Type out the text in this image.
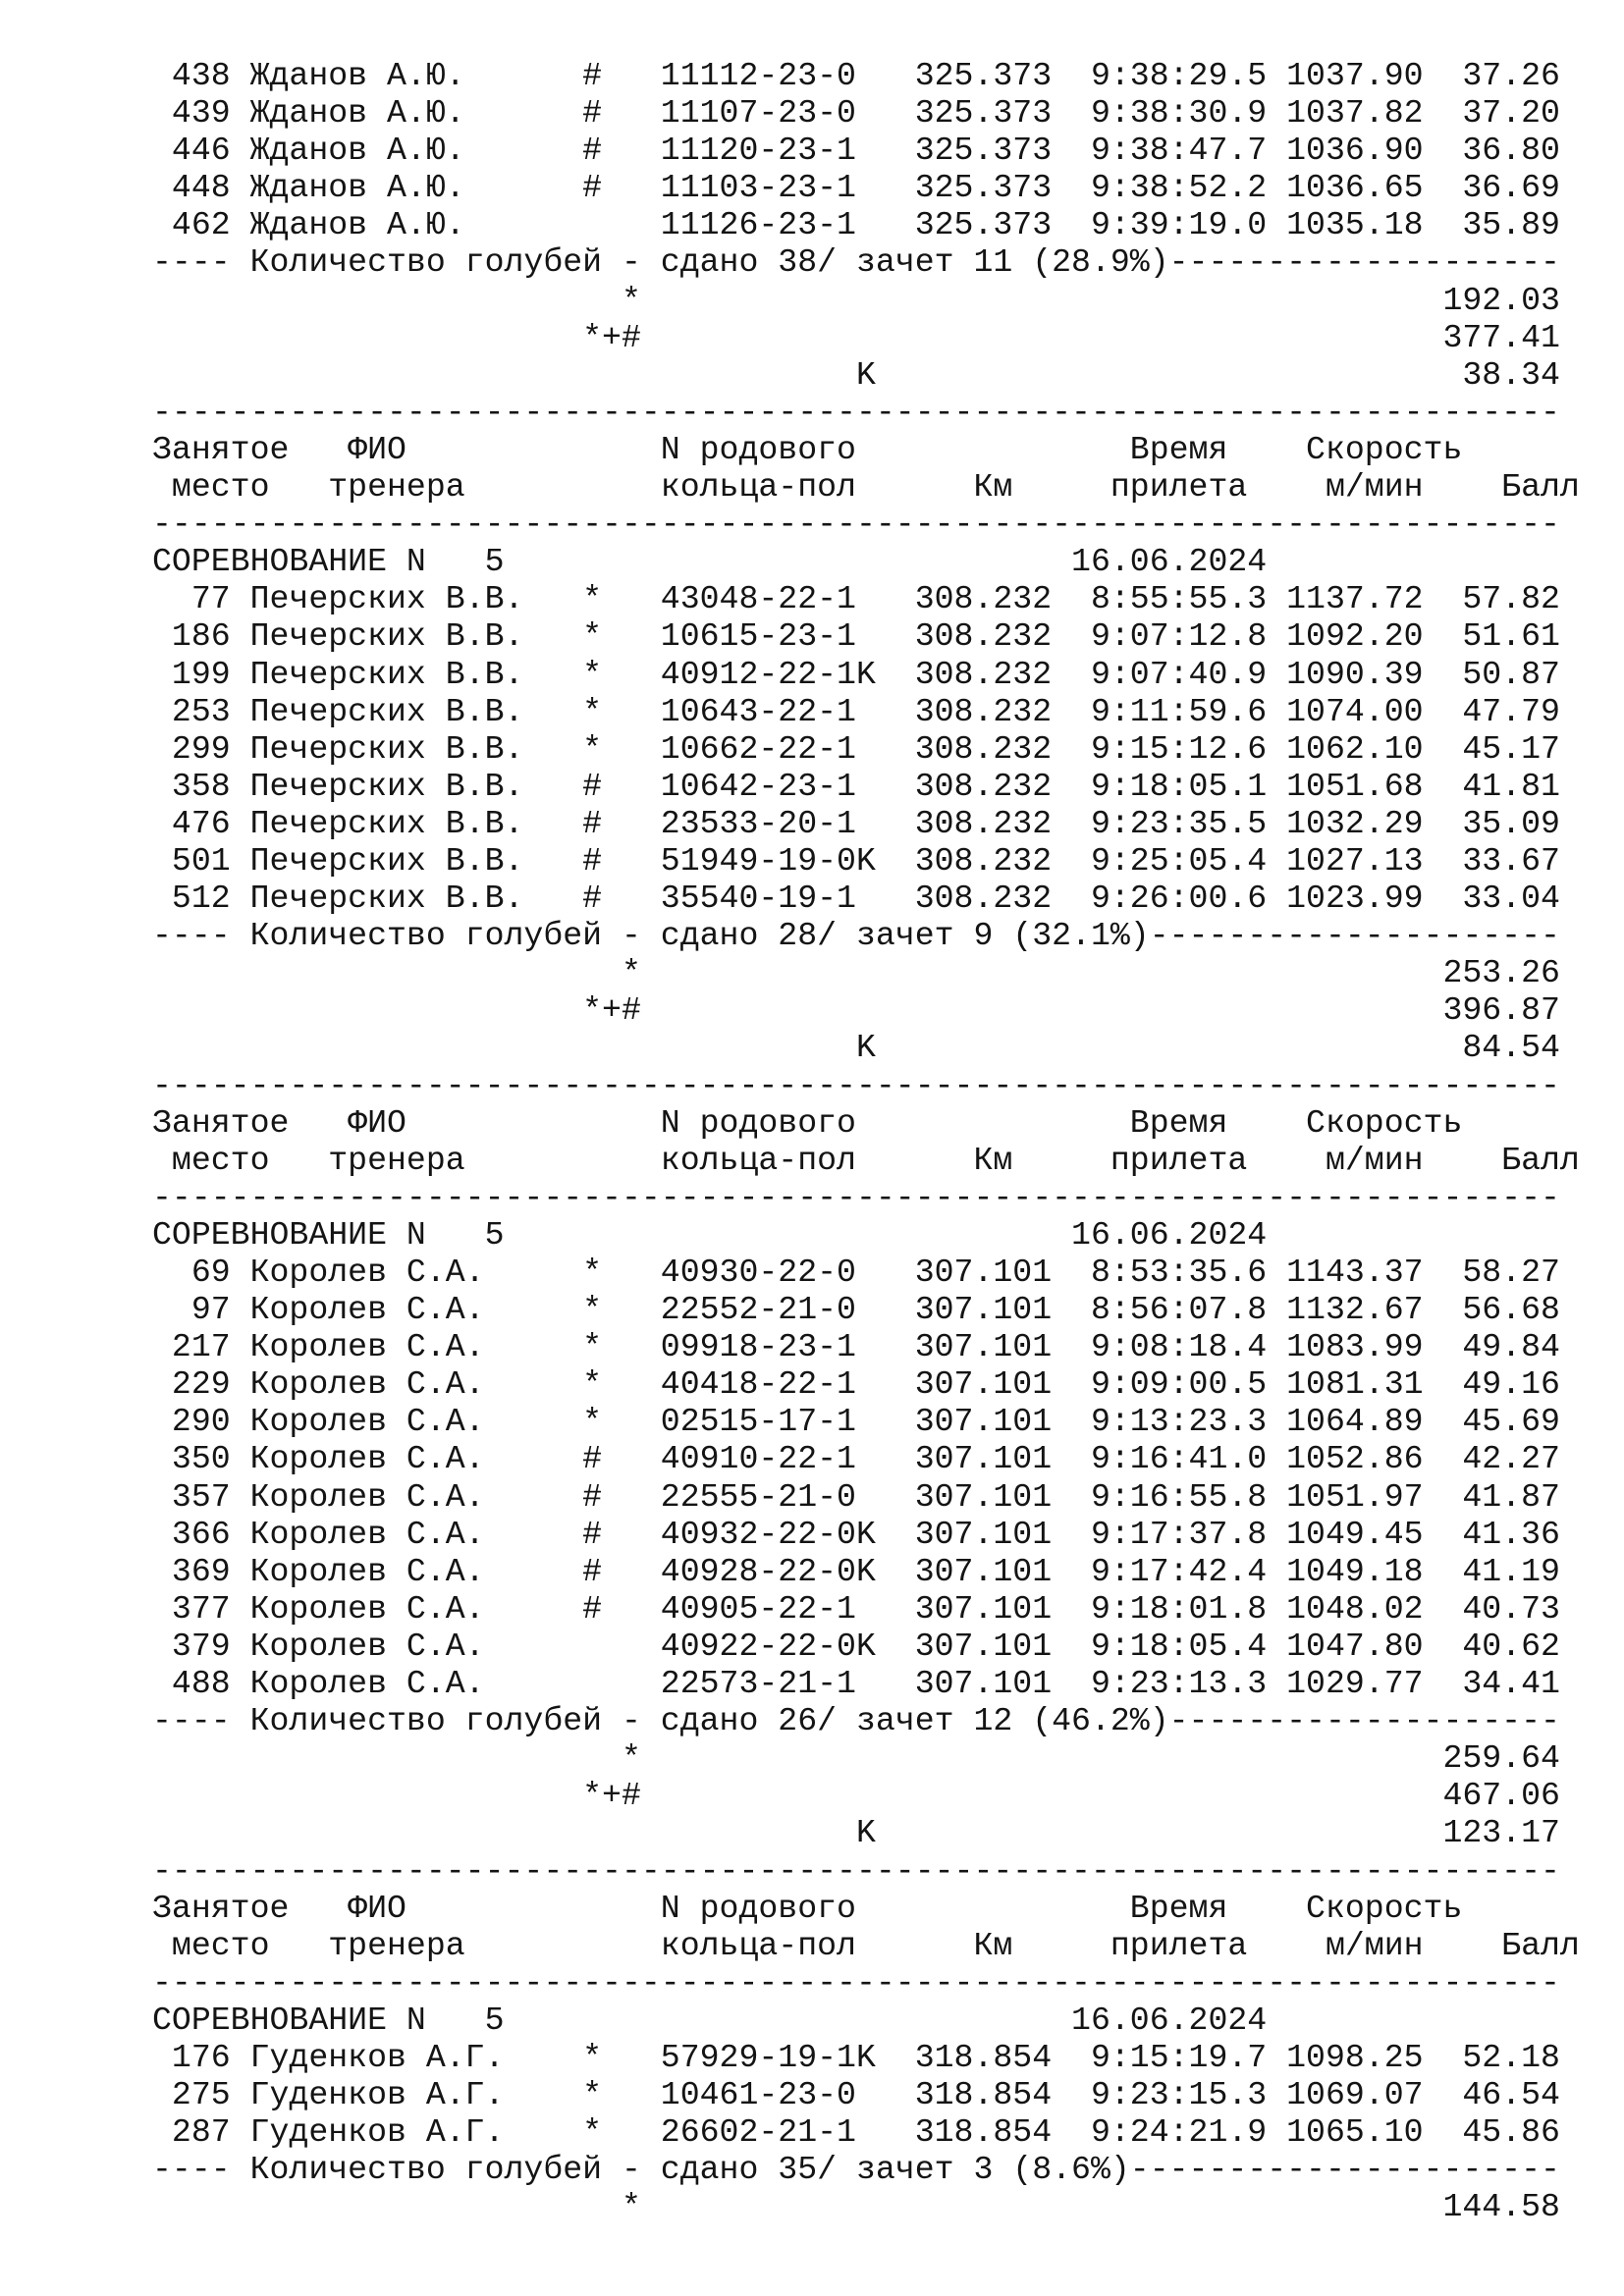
438 Жданов А.Ю.      #   11112-23-0   325.373  9:38:29.5 1037.90  37.26
439 Жданов А.Ю.      #   11107-23-0   325.373  9:38:30.9 1037.82  37.20
446 Жданов А.Ю.      #   11120-23-1   325.373  9:38:47.7 1036.90  36.80
448 Жданов А.Ю.      #   11103-23-1   325.373  9:38:52.2 1036.65  36.69
462 Жданов А.Ю.          11126-23-1   325.373  9:39:19.0 1035.18  35.89
---- Количество голубей - сдано 38/ зачет 11 (28.9%)--------------------
*                                         192.03
*+#                                         377.41
K                              38.34
------------------------------------------------------------------------
Занятое   ФИО             N родового              Время    Скорость
место   тренера          кольца-пол      Км     прилета    м/мин    Балл
------------------------------------------------------------------------
СОРЕВНОВАНИЕ N   5                             16.06.2024
77 Печерских В.В.   *   43048-22-1   308.232  8:55:55.3 1137.72  57.82
186 Печерских В.В.   *   10615-23-1   308.232  9:07:12.8 1092.20  51.61
199 Печерских В.В.   *   40912-22-1K  308.232  9:07:40.9 1090.39  50.87
253 Печерских В.В.   *   10643-22-1   308.232  9:11:59.6 1074.00  47.79
299 Печерских В.В.   *   10662-22-1   308.232  9:15:12.6 1062.10  45.17
358 Печерских В.В.   #   10642-23-1   308.232  9:18:05.1 1051.68  41.81
476 Печерских В.В.   #   23533-20-1   308.232  9:23:35.5 1032.29  35.09
501 Печерских В.В.   #   51949-19-0K  308.232  9:25:05.4 1027.13  33.67
512 Печерских В.В.   #   35540-19-1   308.232  9:26:00.6 1023.99  33.04
---- Количество голубей - сдано 28/ зачет 9 (32.1%)---------------------
*                                         253.26
*+#                                         396.87
K                              84.54
------------------------------------------------------------------------
Занятое   ФИО             N родового              Время    Скорость
место   тренера          кольца-пол      Км     прилета    м/мин    Балл
------------------------------------------------------------------------
СОРЕВНОВАНИЕ N   5                             16.06.2024
69 Королев С.А.     *   40930-22-0   307.101  8:53:35.6 1143.37  58.27
97 Королев С.А.     *   22552-21-0   307.101  8:56:07.8 1132.67  56.68
217 Королев С.А.     *   09918-23-1   307.101  9:08:18.4 1083.99  49.84
229 Королев С.А.     *   40418-22-1   307.101  9:09:00.5 1081.31  49.16
290 Королев С.А.     *   02515-17-1   307.101  9:13:23.3 1064.89  45.69
350 Королев С.А.     #   40910-22-1   307.101  9:16:41.0 1052.86  42.27
357 Королев С.А.     #   22555-21-0   307.101  9:16:55.8 1051.97  41.87
366 Королев С.А.     #   40932-22-0K  307.101  9:17:37.8 1049.45  41.36
369 Королев С.А.     #   40928-22-0K  307.101  9:17:42.4 1049.18  41.19
377 Королев С.А.     #   40905-22-1   307.101  9:18:01.8 1048.02  40.73
379 Королев С.А.         40922-22-0K  307.101  9:18:05.4 1047.80  40.62
488 Королев С.А.         22573-21-1   307.101  9:23:13.3 1029.77  34.41
---- Количество голубей - сдано 26/ зачет 12 (46.2%)--------------------
*                                         259.64
*+#                                         467.06
K                             123.17
------------------------------------------------------------------------
Занятое   ФИО             N родового              Время    Скорость
место   тренера          кольца-пол      Км     прилета    м/мин    Балл
------------------------------------------------------------------------
СОРЕВНОВАНИЕ N   5                             16.06.2024
176 Гуденков А.Г.    *   57929-19-1K  318.854  9:15:19.7 1098.25  52.18
275 Гуденков А.Г.    *   10461-23-0   318.854  9:23:15.3 1069.07  46.54
287 Гуденков А.Г.    *   26602-21-1   318.854  9:24:21.9 1065.10  45.86
---- Количество голубей - сдано 35/ зачет 3 (8.6%)----------------------
*                                         144.58
